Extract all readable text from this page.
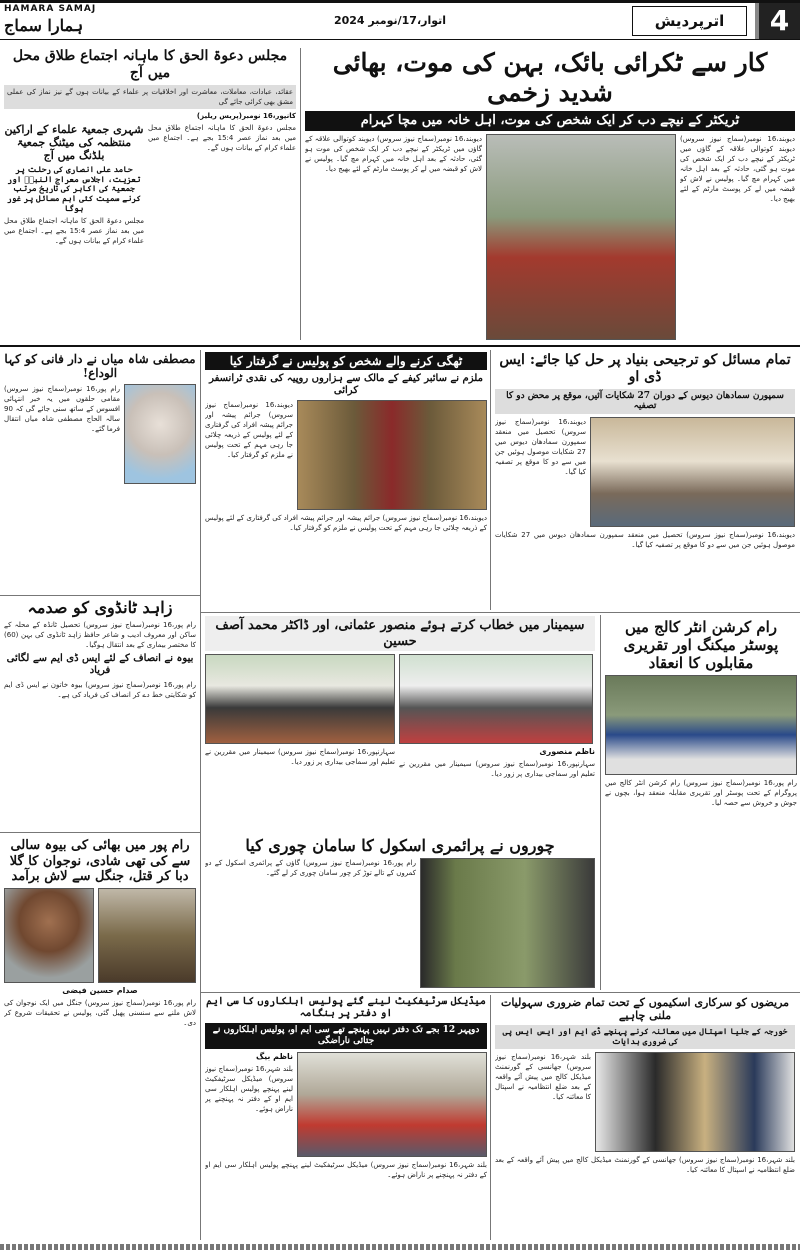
HAMARA SAMAJ
ہمارا سماج	اتوار،17/نومبر 2024	اترپردیش	4
کار سے ٹکرائی بائک، بہن کی موت، بھائی شدید زخمی
ٹریکٹر کے نیچے دب کر ایک شخص کی موت، اہل خانہ میں مچا کہرام
دیوبند،16 نومبر(سماج نیوز سروس) دیوبند کوتوالی علاقہ کے گاؤں میں ٹریکٹر کے نیچے دب کر ایک شخص کی موت ہو گئی، حادثہ کے بعد اہل خانہ میں کہرام مچ گیا۔ پولیس نے لاش کو قبضہ میں لے کر پوسٹ مارٹم کے لئے بھیج دیا۔
دیوبند،16 نومبر(سماج نیوز سروس) دیوبند کوتوالی علاقہ کے گاؤں میں ٹریکٹر کے نیچے دب کر ایک شخص کی موت ہو گئی، حادثہ کے بعد اہل خانہ میں کہرام مچ گیا۔ پولیس نے لاش کو قبضہ میں لے کر پوسٹ مارٹم کے لئے بھیج دیا۔
مجلس دعوۃ الحق کا ماہانہ اجتماع طلاق محل میں آج
عقائد، عبادات، معاملات، معاشرت اور اخلاقیات پر علماء کے بیانات ہوں گے نیز نماز کی عملی مشق بھی کرائی جائے گی
کانپور،16 نومبر(پریس ریلیز)
شہری جمعیۃ علماء کے اراکین منتظمہ کی میٹنگ جمعیۃ بلڈنگ میں آج
حامد علی انصاری کی رحلت پر تعزیت، اجلاس معراج النبیؐ اور جمعیۃ کی اکابر کی تاریخ مرتب کرنے سمیت کئی اہم مسائل پر غور ہوگا
مجلس دعوۃ الحق کا ماہانہ اجتماع طلاق محل میں بعد نماز عصر 15:4 بجے ہے۔ اجتماع میں علماء کرام کے بیانات ہوں گے۔
مجلس دعوۃ الحق کا ماہانہ اجتماع طلاق محل میں بعد نماز عصر 15:4 بجے ہے۔ اجتماع میں علماء کرام کے بیانات ہوں گے۔
مصطفی شاہ میاں نے دار فانی کو کہا الوداع!
رام پور،16 نومبر(سماج نیوز سروس) مقامی حلقوں میں یہ خبر انتہائی افسوس کے ساتھ سنی جائے گی کہ 90 سالہ الحاج مصطفی شاہ میاں انتقال فرما گئے۔
ٹھگی کرنے والے شخص کو پولیس نے گرفتار کیا
ملزم نے سائبر کیفے کے مالک سے ہزاروں روپیہ کی نقدی ٹرانسفر کرائی
دیوبند،16 نومبر(سماج نیوز سروس) جرائم پیشہ اور جرائم پیشہ افراد کی گرفتاری کے لئے پولیس کے ذریعہ چلائی جا رہی مہم کے تحت پولیس نے ملزم کو گرفتار کیا۔
دیوبند،16 نومبر(سماج نیوز سروس) جرائم پیشہ اور جرائم پیشہ افراد کی گرفتاری کے لئے پولیس کے ذریعہ چلائی جا رہی مہم کے تحت پولیس نے ملزم کو گرفتار کیا۔
تمام مسائل کو ترجیحی بنیاد پر حل کیا جائے: ایس ڈی او
سمپورن سمادھان دیوس کے دوران 27 شکایات آئیں، موقع پر محض دو کا تصفیہ
دیوبند،16 نومبر(سماج نیوز سروس) تحصیل میں منعقد سمپورن سمادھان دیوس میں 27 شکایات موصول ہوئیں جن میں سے دو کا موقع پر تصفیہ کیا گیا۔
دیوبند،16 نومبر(سماج نیوز سروس) تحصیل میں منعقد سمپورن سمادھان دیوس میں 27 شکایات موصول ہوئیں جن میں سے دو کا موقع پر تصفیہ کیا گیا۔
زاہد ٹانڈوی کو صدمہ
رام پور،16 نومبر(سماج نیوز سروس) تحصیل ٹانڈہ کے محلہ کے ساکن اور معروف ادیب و شاعر حافظ زاہد ٹانڈوی کی بہن (60) کا مختصر بیماری کے بعد انتقال ہوگیا۔
بیوہ نے انصاف کے لئے ایس ڈی ایم سے لگائی فریاد
رام پور،16 نومبر(سماج نیوز سروس) بیوہ خاتون نے ایس ڈی ایم کو شکایتی خط دے کر انصاف کی فریاد کی ہے۔
سیمینار میں خطاب کرتے ہوئے منصور عثمانی، اور ڈاکٹر محمد آصف حسین
سہارنپور،16 نومبر(سماج نیوز سروس) سیمینار میں مقررین نے تعلیم اور سماجی بیداری پر زور دیا۔
ناظم منصوری
سہارنپور،16 نومبر(سماج نیوز سروس) سیمینار میں مقررین نے تعلیم اور سماجی بیداری پر زور دیا۔
رام کرشن انٹر کالج میں پوسٹر میکنگ اور تقریری مقابلوں کا انعقاد
رام پور،16 نومبر(سماج نیوز سروس) رام کرشن انٹر کالج میں پروگرام کے تحت پوسٹر اور تقریری مقابلہ منعقد ہوا، بچوں نے جوش و خروش سے حصہ لیا۔
چوروں نے پرائمری اسکول کا سامان چوری کیا
رام پور،16 نومبر(سماج نیوز سروس) گاؤں کے پرائمری اسکول کے دو کمروں کے تالے توڑ کر چور سامان چوری کر لے گئے۔
رام پور میں بھائی کی بیوہ سالی سے کی تھی شادی، نوجوان کا گلا دبا کر قتل، جنگل سے لاش برآمد
صدام حسین فیضی
رام پور،16 نومبر(سماج نیوز سروس) جنگل میں ایک نوجوان کی لاش ملنے سے سنسنی پھیل گئی، پولیس نے تحقیقات شروع کر دی۔
میڈیکل سرٹیفکیٹ لینے گئے پولیس اہلکاروں کا سی ایم او دفتر پر ہنگامہ
دوپہر 12 بجے تک دفتر نہیں پہنچے تھے سی ایم او، پولیس اہلکاروں نے جتائی ناراضگی
ناظم بیگ
بلند شہر،16 نومبر(سماج نیوز سروس) میڈیکل سرٹیفکیٹ لینے پہنچے پولیس اہلکار سی ایم او کے دفتر نہ پہنچنے پر ناراض ہوئے۔
بلند شہر،16 نومبر(سماج نیوز سروس) میڈیکل سرٹیفکیٹ لینے پہنچے پولیس اہلکار سی ایم او کے دفتر نہ پہنچنے پر ناراض ہوئے۔
مریضوں کو سرکاری اسکیموں کے تحت تمام ضروری سہولیات ملنی چاہیے
خورجہ کے جلیا اسپتال میں معائنہ کرنے پہنچے ڈی ایم اور ایس ایس پی کی ضروری ہدایات
بلند شہر،16 نومبر(سماج نیوز سروس) جھانسی کے گورنمنٹ میڈیکل کالج میں پیش آئے واقعہ کے بعد ضلع انتظامیہ نے اسپتال کا معائنہ کیا۔
بلند شہر،16 نومبر(سماج نیوز سروس) جھانسی کے گورنمنٹ میڈیکل کالج میں پیش آئے واقعہ کے بعد ضلع انتظامیہ نے اسپتال کا معائنہ کیا۔
